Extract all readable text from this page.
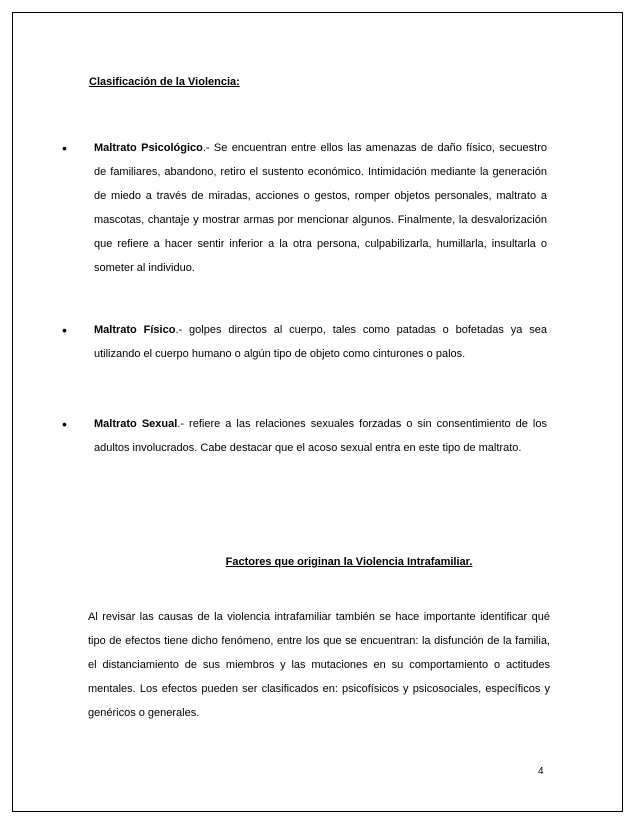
Clasificación de la Violencia:
• Maltrato Psicológico.- Se encuentran entre ellos las amenazas de daño físico, secuestro de familiares, abandono, retiro el sustento económico. Intimidación mediante la generación de miedo a través de miradas, acciones o gestos, romper objetos personales, maltrato a mascotas, chantaje y mostrar armas por mencionar algunos. Finalmente, la desvalorización que refiere a hacer sentir inferior a la otra persona, culpabilizarla, humillarla, insultarla o someter al individuo.
• Maltrato Físico.- golpes directos al cuerpo, tales como patadas o bofetadas ya sea utilizando el cuerpo humano o algún tipo de objeto como cinturones o palos.
• Maltrato Sexual.- refiere a las relaciones sexuales forzadas o sin consentimiento de los adultos involucrados. Cabe destacar que el acoso sexual entra en este tipo de maltrato.
Factores que originan la Violencia Intrafamiliar.
Al revisar las causas de la violencia intrafamiliar también se hace importante identificar qué tipo de efectos tiene dicho fenómeno, entre los que se encuentran: la disfunción de la familia, el distanciamiento de sus miembros y las mutaciones en su comportamiento o actitudes mentales. Los efectos pueden ser clasificados en: psicofísicos y psicosociales, específicos y genéricos o generales.
4
